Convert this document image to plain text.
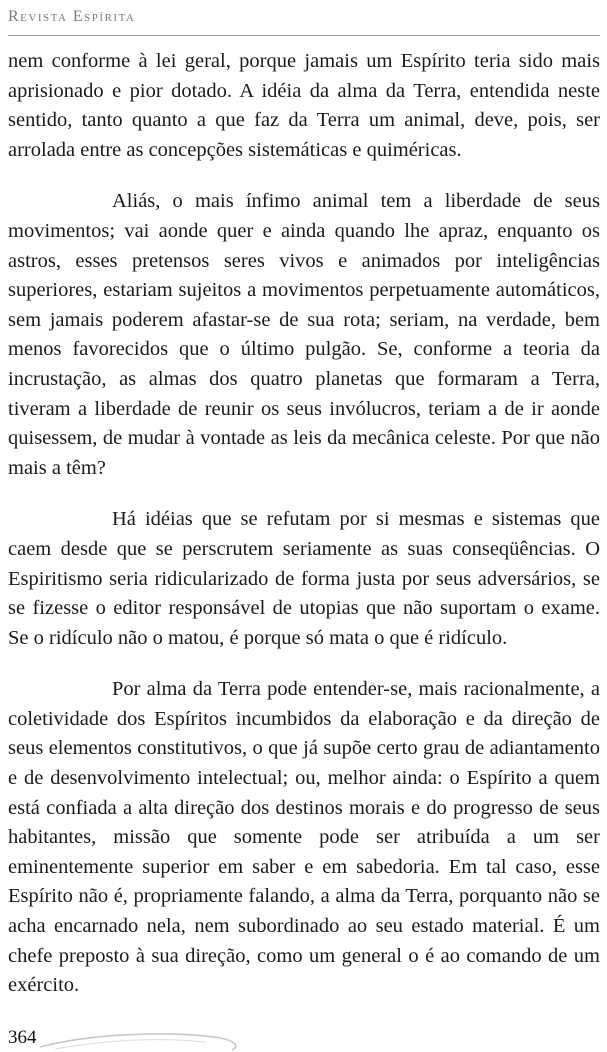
Revista Espírita

nem conforme à lei geral, porque jamais um Espírito teria sido mais aprisionado e pior dotado. A idéia da alma da Terra, entendida neste sentido, tanto quanto a que faz da Terra um animal, deve, pois, ser arrolada entre as concepções sistemáticas e quiméricas.

Aliás, o mais ínfimo animal tem a liberdade de seus movimentos; vai aonde quer e ainda quando lhe apraz, enquanto os astros, esses pretensos seres vivos e animados por inteligências superiores, estariam sujeitos a movimentos perpetuamente automáticos, sem jamais poderem afastar-se de sua rota; seriam, na verdade, bem menos favorecidos que o último pulgão. Se, conforme a teoria da incrustação, as almas dos quatro planetas que formaram a Terra, tiveram a liberdade de reunir os seus invólucros, teriam a de ir aonde quisessem, de mudar à vontade as leis da mecânica celeste. Por que não mais a têm?

Há idéias que se refutam por si mesmas e sistemas que caem desde que se perscrutem seriamente as suas conseqüências. O Espiritismo seria ridicularizado de forma justa por seus adversários, se se fizesse o editor responsável de utopias que não suportam o exame. Se o ridículo não o matou, é porque só mata o que é ridículo.

Por alma da Terra pode entender-se, mais racionalmente, a coletividade dos Espíritos incumbidos da elaboração e da direção de seus elementos constitutivos, o que já supõe certo grau de adiantamento e de desenvolvimento intelectual; ou, melhor ainda: o Espírito a quem está confiada a alta direção dos destinos morais e do progresso de seus habitantes, missão que somente pode ser atribuída a um ser eminentemente superior em saber e em sabedoria. Em tal caso, esse Espírito não é, propriamente falando, a alma da Terra, porquanto não se acha encarnado nela, nem subordinado ao seu estado material. É um chefe preposto à sua direção, como um general o é ao comando de um exército.

364
